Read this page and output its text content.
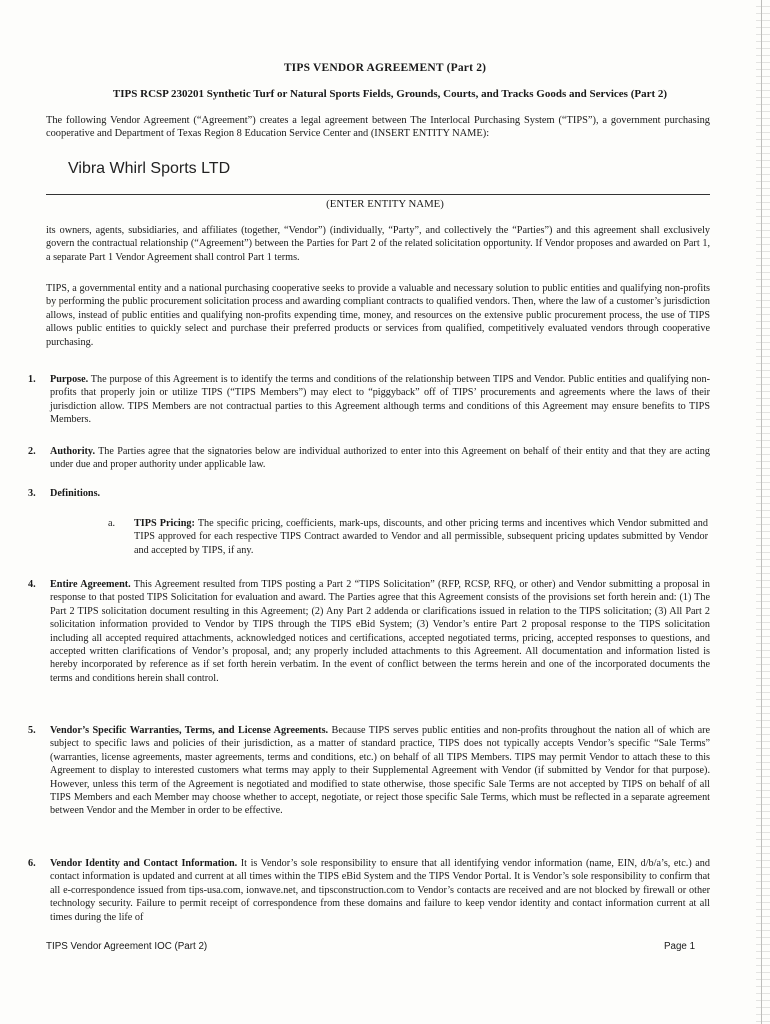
TIPS VENDOR AGREEMENT (Part 2)
TIPS RCSP 230201 Synthetic Turf or Natural Sports Fields, Grounds, Courts, and Tracks Goods and Services (Part 2)
The following Vendor Agreement (“Agreement”) creates a legal agreement between The Interlocal Purchasing System (“TIPS”), a government purchasing cooperative and Department of Texas Region 8 Education Service Center and (INSERT ENTITY NAME):
Vibra Whirl Sports LTD
(ENTER ENTITY NAME)
its owners, agents, subsidiaries, and affiliates (together, “Vendor”) (individually, “Party”, and collectively the “Parties”) and this agreement shall exclusively govern the contractual relationship (“Agreement”) between the Parties for Part 2 of the related solicitation opportunity. If Vendor proposes and awarded on Part 1, a separate Part 1 Vendor Agreement shall control Part 1 terms.
TIPS, a governmental entity and a national purchasing cooperative seeks to provide a valuable and necessary solution to public entities and qualifying non-profits by performing the public procurement solicitation process and awarding compliant contracts to qualified vendors. Then, where the law of a customer’s jurisdiction allows, instead of public entities and qualifying non-profits expending time, money, and resources on the extensive public procurement process, the use of TIPS allows public entities to quickly select and purchase their preferred products or services from qualified, competitively evaluated vendors through cooperative purchasing.
1.	Purpose. The purpose of this Agreement is to identify the terms and conditions of the relationship between TIPS and Vendor. Public entities and qualifying non-profits that properly join or utilize TIPS (“TIPS Members”) may elect to “piggyback” off of TIPS’ procurements and agreements where the laws of their jurisdiction allow. TIPS Members are not contractual parties to this Agreement although terms and conditions of this Agreement may ensure benefits to TIPS Members.
2.	Authority. The Parties agree that the signatories below are individual authorized to enter into this Agreement on behalf of their entity and that they are acting under due and proper authority under applicable law.
3.	Definitions.
a.	TIPS Pricing: The specific pricing, coefficients, mark-ups, discounts, and other pricing terms and incentives which Vendor submitted and TIPS approved for each respective TIPS Contract awarded to Vendor and all permissible, subsequent pricing updates submitted by Vendor and accepted by TIPS, if any.
4.	Entire Agreement. This Agreement resulted from TIPS posting a Part 2 “TIPS Solicitation” (RFP, RCSP, RFQ, or other) and Vendor submitting a proposal in response to that posted TIPS Solicitation for evaluation and award. The Parties agree that this Agreement consists of the provisions set forth herein and: (1) The Part 2 TIPS solicitation document resulting in this Agreement; (2) Any Part 2 addenda or clarifications issued in relation to the TIPS solicitation; (3) All Part 2 solicitation information provided to Vendor by TIPS through the TIPS eBid System; (3) Vendor’s entire Part 2 proposal response to the TIPS solicitation including all accepted required attachments, acknowledged notices and certifications, accepted negotiated terms, pricing, accepted responses to questions, and accepted written clarifications of Vendor’s proposal, and; any properly included attachments to this Agreement. All documentation and information listed is hereby incorporated by reference as if set forth herein verbatim. In the event of conflict between the terms herein and one of the incorporated documents the terms and conditions herein shall control.
5.	Vendor’s Specific Warranties, Terms, and License Agreements. Because TIPS serves public entities and non-profits throughout the nation all of which are subject to specific laws and policies of their jurisdiction, as a matter of standard practice, TIPS does not typically accepts Vendor’s specific “Sale Terms” (warranties, license agreements, master agreements, terms and conditions, etc.) on behalf of all TIPS Members. TIPS may permit Vendor to attach these to this Agreement to display to interested customers what terms may apply to their Supplemental Agreement with Vendor (if submitted by Vendor for that purpose). However, unless this term of the Agreement is negotiated and modified to state otherwise, those specific Sale Terms are not accepted by TIPS on behalf of all TIPS Members and each Member may choose whether to accept, negotiate, or reject those specific Sale Terms, which must be reflected in a separate agreement between Vendor and the Member in order to be effective.
6.	Vendor Identity and Contact Information. It is Vendor’s sole responsibility to ensure that all identifying vendor information (name, EIN, d/b/a’s, etc.) and contact information is updated and current at all times within the TIPS eBid System and the TIPS Vendor Portal. It is Vendor’s sole responsibility to confirm that all e-correspondence issued from tips-usa.com, ionwave.net, and tipsconstruction.com to Vendor’s contacts are received and are not blocked by firewall or other technology security. Failure to permit receipt of correspondence from these domains and failure to keep vendor identity and contact information current at all times during the life of
TIPS Vendor Agreement IOC (Part 2)	Page 1
